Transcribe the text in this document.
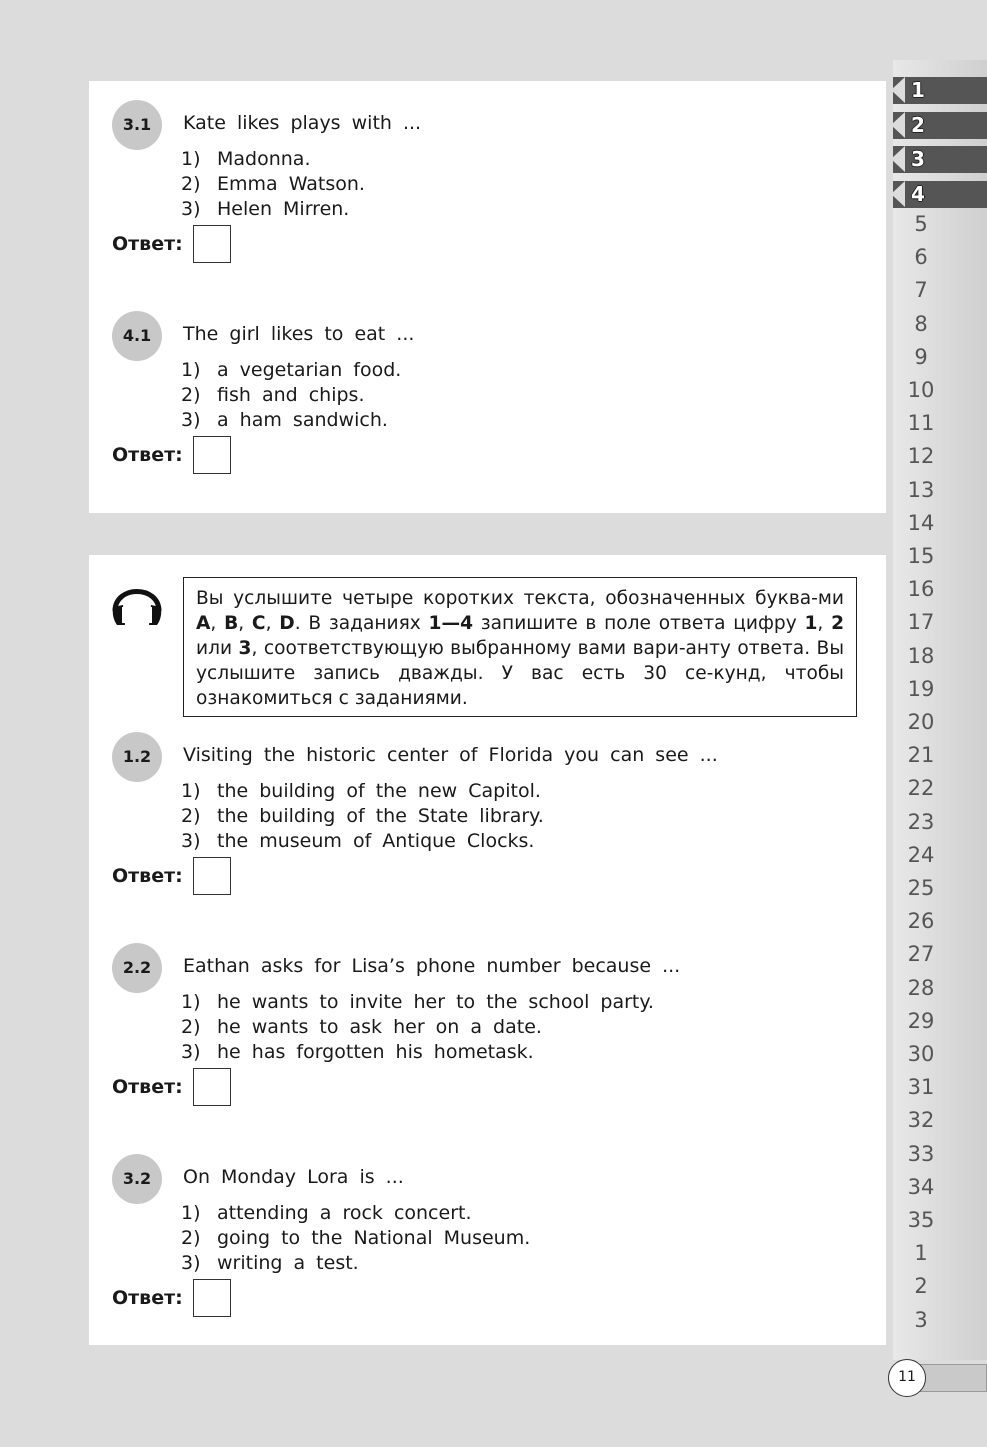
3.1	Kate likes plays with ...
1) Madonna.
2) Emma Watson.
3) Helen Mirren.
Ответ:
4.1	The girl likes to eat ...
1) a vegetarian food.
2) fish and chips.
3) a ham sandwich.
Ответ:
Вы услышите четыре коротких текста, обозначенных буква-ми A, B, C, D. В заданиях 1—4 запишите в поле ответа цифру 1, 2 или 3, соответствующую выбранному вами вари-анту ответа. Вы услышите запись дважды. У вас есть 30 се-кунд, чтобы ознакомиться с заданиями.
1.2	Visiting the historic center of Florida you can see ...
1) the building of the new Capitol.
2) the building of the State library.
3) the museum of Antique Clocks.
Ответ:
2.2	Eathan asks for Lisa’s phone number because ...
1) he wants to invite her to the school party.
2) he wants to ask her on a date.
3) he has forgotten his hometask.
Ответ:
3.2	On Monday Lora is ...
1) attending a rock concert.
2) going to the National Museum.
3) writing a test.
Ответ:
1
2
3
4
5
6
7
8
9
10
11
12
13
14
15
16
17
18
19
20
21
22
23
24
25
26
27
28
29
30
31
32
33
34
35
1
2
3
11
